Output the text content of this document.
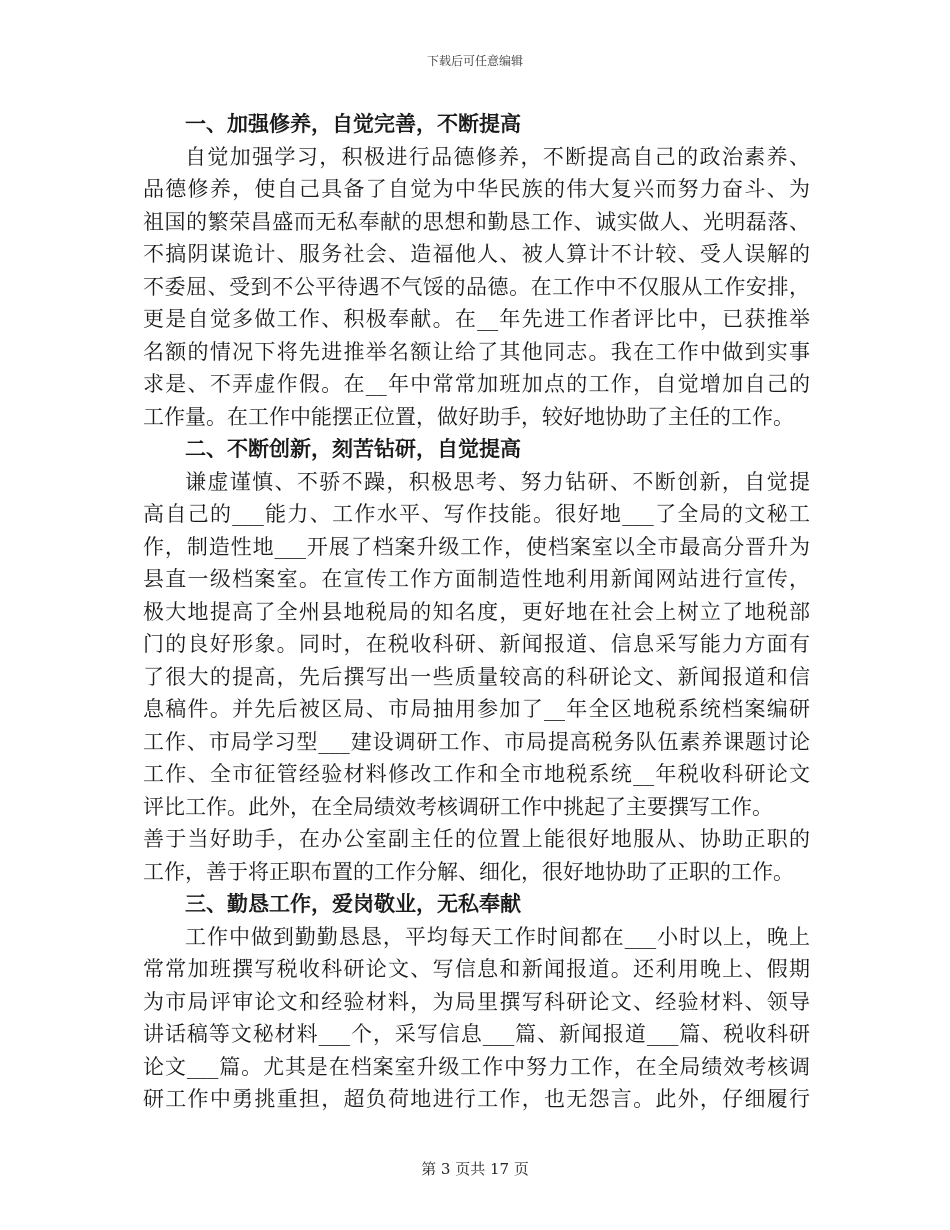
下载后可任意编辑
一、加强修养，自觉完善，不断提高
自觉加强学习，积极进行品德修养，不断提高自己的政治素养、
品德修养，使自己具备了自觉为中华民族的伟大复兴而努力奋斗、为
祖国的繁荣昌盛而无私奉献的思想和勤恳工作、诚实做人、光明磊落、
不搞阴谋诡计、服务社会、造福他人、被人算计不计较、受人误解的
不委屈、受到不公平待遇不气馁的品德。在工作中不仅服从工作安排，
更是自觉多做工作、积极奉献。在__年先进工作者评比中，已获推举
名额的情况下将先进推举名额让给了其他同志。我在工作中做到实事
求是、不弄虚作假。在__年中常常加班加点的工作，自觉增加自己的
工作量。在工作中能摆正位置，做好助手，较好地协助了主任的工作。
二、不断创新，刻苦钻研，自觉提高
谦虚谨慎、不骄不躁，积极思考、努力钻研、不断创新，自觉提
高自己的___能力、工作水平、写作技能。很好地___了全局的文秘工
作，制造性地___开展了档案升级工作，使档案室以全市最高分晋升为
县直一级档案室。在宣传工作方面制造性地利用新闻网站进行宣传，
极大地提高了全州县地税局的知名度，更好地在社会上树立了地税部
门的良好形象。同时，在税收科研、新闻报道、信息采写能力方面有
了很大的提高，先后撰写出一些质量较高的科研论文、新闻报道和信
息稿件。并先后被区局、市局抽用参加了__年全区地税系统档案编研
工作、市局学习型___建设调研工作、市局提高税务队伍素养课题讨论
工作、全市征管经验材料修改工作和全市地税系统__年税收科研论文
评比工作。此外，在全局绩效考核调研工作中挑起了主要撰写工作。
善于当好助手，在办公室副主任的位置上能很好地服从、协助正职的
工作，善于将正职布置的工作分解、细化，很好地协助了正职的工作。
三、勤恳工作，爱岗敬业，无私奉献
工作中做到勤勤恳恳，平均每天工作时间都在___小时以上，晚上
常常加班撰写税收科研论文、写信息和新闻报道。还利用晚上、假期
为市局评审论文和经验材料，为局里撰写科研论文、经验材料、领导
讲话稿等文秘材料___个，采写信息___篇、新闻报道___篇、税收科研
论文___篇。尤其是在档案室升级工作中努力工作，在全局绩效考核调
研工作中勇挑重担，超负荷地进行工作，也无怨言。此外，仔细履行
第 3 页共 17 页
